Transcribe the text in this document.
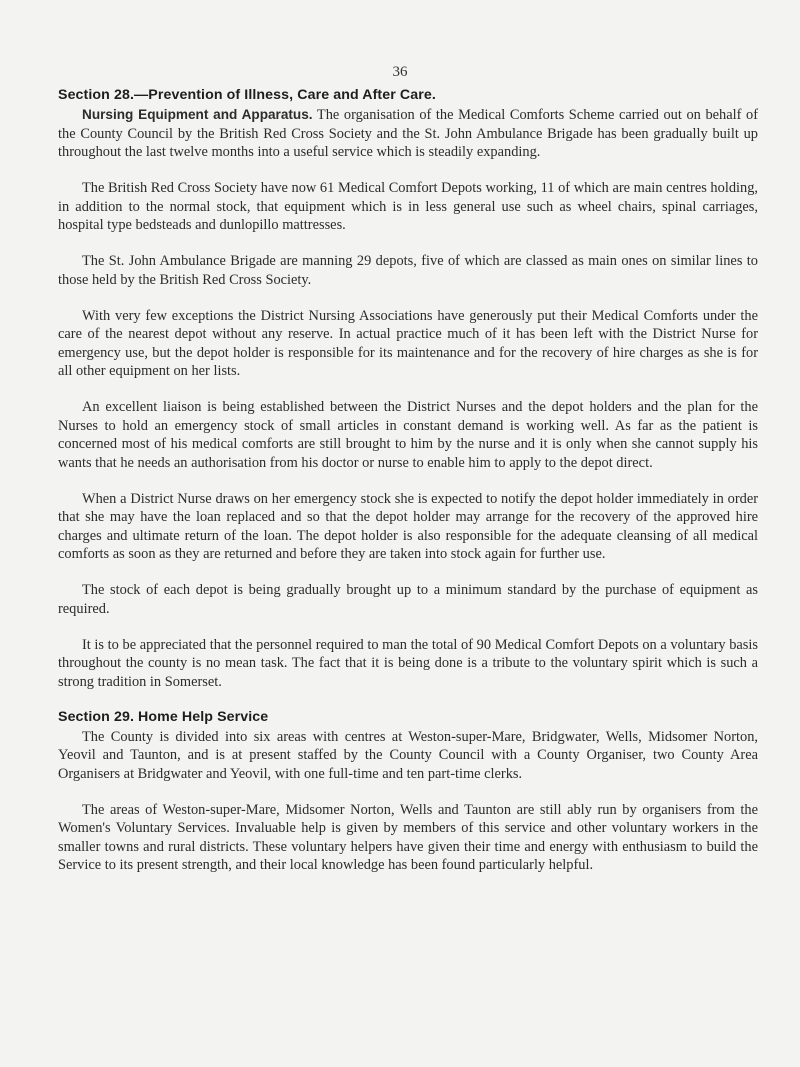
36
Section 28.—Prevention of Illness, Care and After Care.

Nursing Equipment and Apparatus. The organisation of the Medical Comforts Scheme carried out on behalf of the County Council by the British Red Cross Society and the St. John Ambulance Brigade has been gradually built up throughout the last twelve months into a useful service which is steadily expanding.

The British Red Cross Society have now 61 Medical Comfort Depots working, 11 of which are main centres holding, in addition to the normal stock, that equipment which is in less general use such as wheel chairs, spinal carriages, hospital type bedsteads and dunlopillo mattresses.

The St. John Ambulance Brigade are manning 29 depots, five of which are classed as main ones on similar lines to those held by the British Red Cross Society.

With very few exceptions the District Nursing Associations have generously put their Medical Comforts under the care of the nearest depot without any reserve. In actual practice much of it has been left with the District Nurse for emergency use, but the depot holder is responsible for its maintenance and for the recovery of hire charges as she is for all other equipment on her lists.

An excellent liaison is being established between the District Nurses and the depot holders and the plan for the Nurses to hold an emergency stock of small articles in constant demand is working well. As far as the patient is concerned most of his medical comforts are still brought to him by the nurse and it is only when she cannot supply his wants that he needs an authorisation from his doctor or nurse to enable him to apply to the depot direct.

When a District Nurse draws on her emergency stock she is expected to notify the depot holder immediately in order that she may have the loan replaced and so that the depot holder may arrange for the recovery of the approved hire charges and ultimate return of the loan. The depot holder is also responsible for the adequate cleansing of all medical comforts as soon as they are returned and before they are taken into stock again for further use.

The stock of each depot is being gradually brought up to a minimum standard by the purchase of equipment as required.

It is to be appreciated that the personnel required to man the total of 90 Medical Comfort Depots on a voluntary basis throughout the county is no mean task. The fact that it is being done is a tribute to the voluntary spirit which is such a strong tradition in Somerset.

Section 29. Home Help Service

The County is divided into six areas with centres at Weston-super-Mare, Bridgwater, Wells, Midsomer Norton, Yeovil and Taunton, and is at present staffed by the County Council with a County Organiser, two County Area Organisers at Bridgwater and Yeovil, with one full-time and ten part-time clerks.

The areas of Weston-super-Mare, Midsomer Norton, Wells and Taunton are still ably run by organisers from the Women's Voluntary Services. Invaluable help is given by members of this service and other voluntary workers in the smaller towns and rural districts. These voluntary helpers have given their time and energy with enthusiasm to build the Service to its present strength, and their local knowledge has been found particularly helpful.
